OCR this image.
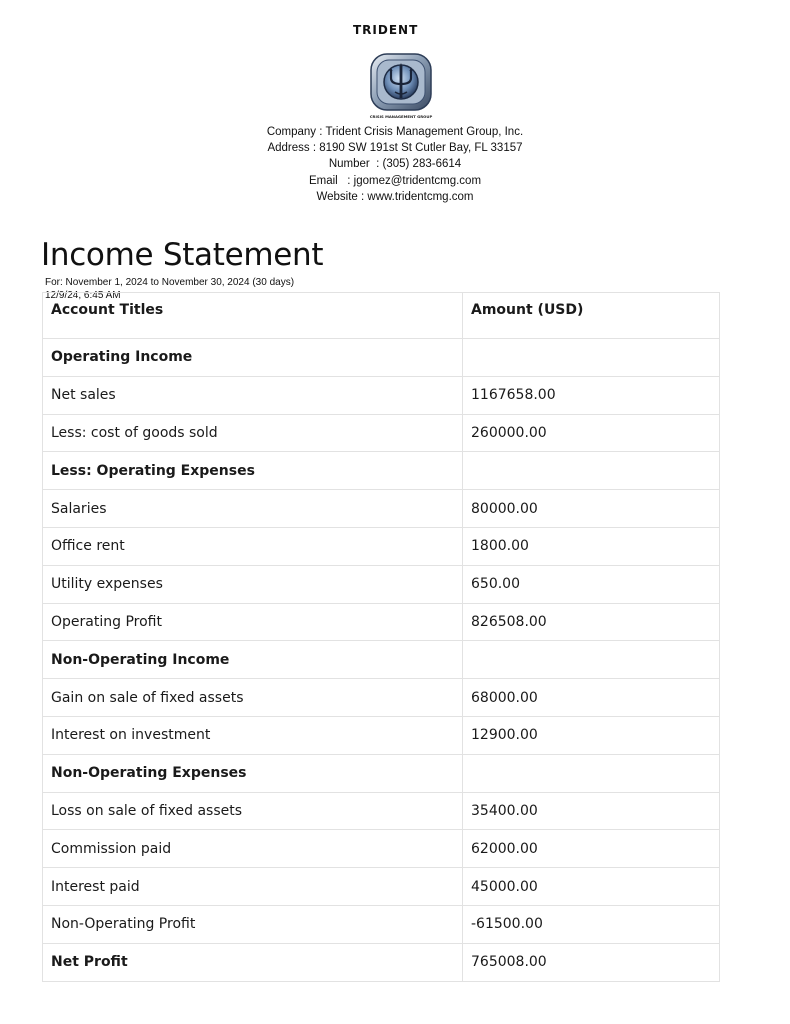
TRIDENT
CRISIS MANAGEMENT GROUP
Company : Trident Crisis Management Group, Inc.
Address : 8190 SW 191st St Cutler Bay, FL 33157
Number  : (305) 283-6614
Email   : jgomez@tridentcmg.com
Website : www.tridentcmg.com
Income Statement
For: November 1, 2024 to November 30, 2024 (30 days)
12/9/24, 6:45 AM
Account Titles	Amount (USD)
Operating Income	
Net sales	1167658.00
Less: cost of goods sold	260000.00
Less: Operating Expenses	
Salaries	80000.00
Office rent	1800.00
Utility expenses	650.00
Operating Profit	826508.00
Non-Operating Income	
Gain on sale of fixed assets	68000.00
Interest on investment	12900.00
Non-Operating Expenses	
Loss on sale of fixed assets	35400.00
Commission paid	62000.00
Interest paid	45000.00
Non-Operating Profit	-61500.00
Net Profit	765008.00
